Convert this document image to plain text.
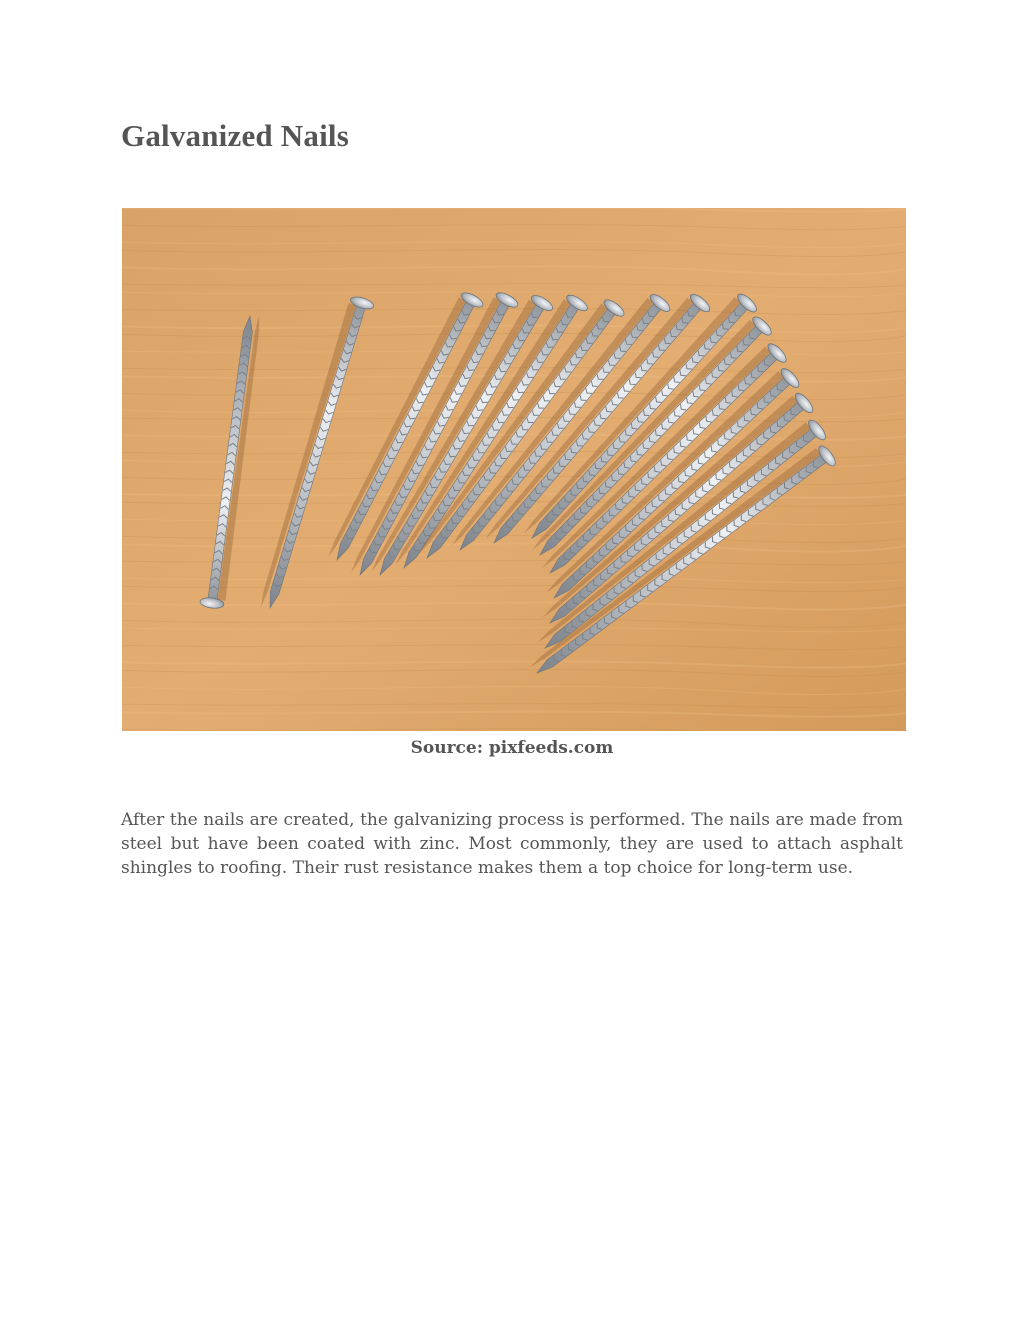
Galvanized Nails
Source: pixfeeds.com

After the nails are created, the galvanizing process is performed. The nails are made from steel but have been coated with zinc. Most commonly, they are used to attach asphalt shingles to roofing. Their rust resistance makes them a top choice for long-term use.
